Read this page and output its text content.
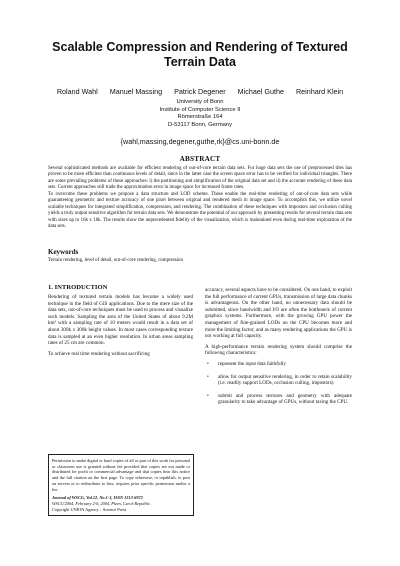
Scalable Compression and Rendering of Textured Terrain Data
Roland Wahl Manuel Massing Patrick Degener Michael Guthe Reinhard Klein
University of Bonn
Institute of Computer Science II
Römerstraße 164
D-53117 Bonn, Germany
{wahl,massing,degener,guthe,rk}@cs.uni-bonn.de
ABSTRACT

Several sophisticated methods are available for efficient rendering of out-of-core terrain data sets. For huge data sets the use of preprocessed tiles has proven to be more efficient than continuous levels of detail, since in the latter case the screen space error has to be verified for individual triangles. There are some prevailing problems of these approaches: i) the partitioning and simplification of the original data set and ii) the accurate rendering of these data sets. Current approaches still trade the approximation error in image space for increased frame rates.

To overcome these problems we propose a data structure and LOD scheme. These enable the real-time rendering of out-of-core data sets while guaranteeing geometric and texture accuracy of one pixel between original and rendered mesh in image space. To accomplish this, we utilize novel scalable techniques for integrated simplification, compression, and rendering. The combination of these techniques with impostors and occlusion culling yields a truly output sensitive algorithm for terrain data sets. We demonstrate the potential of our approach by presenting results for several terrain data sets with sizes up to 16k x 16k. The results show the unprecedented fidelity of the visualization, which is maintained even during real-time exploration of the data sets.

Keywords
Terrain rendering, level of detail, out-of-core rendering, compression
1. INTRODUCTION

Rendering of textured terrain models has become a widely used technique in the field of GIS applications. Due to the mere size of the data sets, out-of-core techniques must be used to process and visualize such models. Sampling the area of the United States of about 9.2M km² with a sampling rate of 10 meters would result in a data set of about 300k x 300k height values. In most cases corresponding texture data is sampled at an even higher resolution. In urban areas sampling rates of 25 cm are common.

To achieve real time rendering without sacrificing

Permission to make digital or hard copies of all or part of this work for personal or classroom use is granted without fee provided that copies are not made or distributed for profit or commercial advantage and that copies bear this notice and the full citation on the first page. To copy otherwise, or republish, to post on servers or to redistribute to lists, requires prior specific permission and/or a fee.

Journal of WSCG, Vol.12, No.1-3, ISSN 1213-6972

WSCG'2004, February 2-6, 2004, Plzen, Czech Republic.

Copyright UNION Agency – Science Press

accuracy, several aspects have to be considered. On one hand, to exploit the full performance of current GPUs, transmission of large data chunks is advantageous. On the other hand, no unnecessary data should be submitted, since bandwidth and I/O are often the bottleneck of current graphics systems. Furthermore, with the growing GPU power the management of fine-grained LODs on the CPU becomes more and more the limiting factor, and as many rendering applications the GPU is not working at full capacity.

A high-performance terrain rendering system should comprise the following characteristics:

• represent the input data faithfully
• allow for output sensitive rendering, in order to retain scalability (i.e. readily support LODs, occlusion culling, impostors)
• submit and process textures and geometry with adequate granularity to take advantage of GPUs, without taxing the CPU.
